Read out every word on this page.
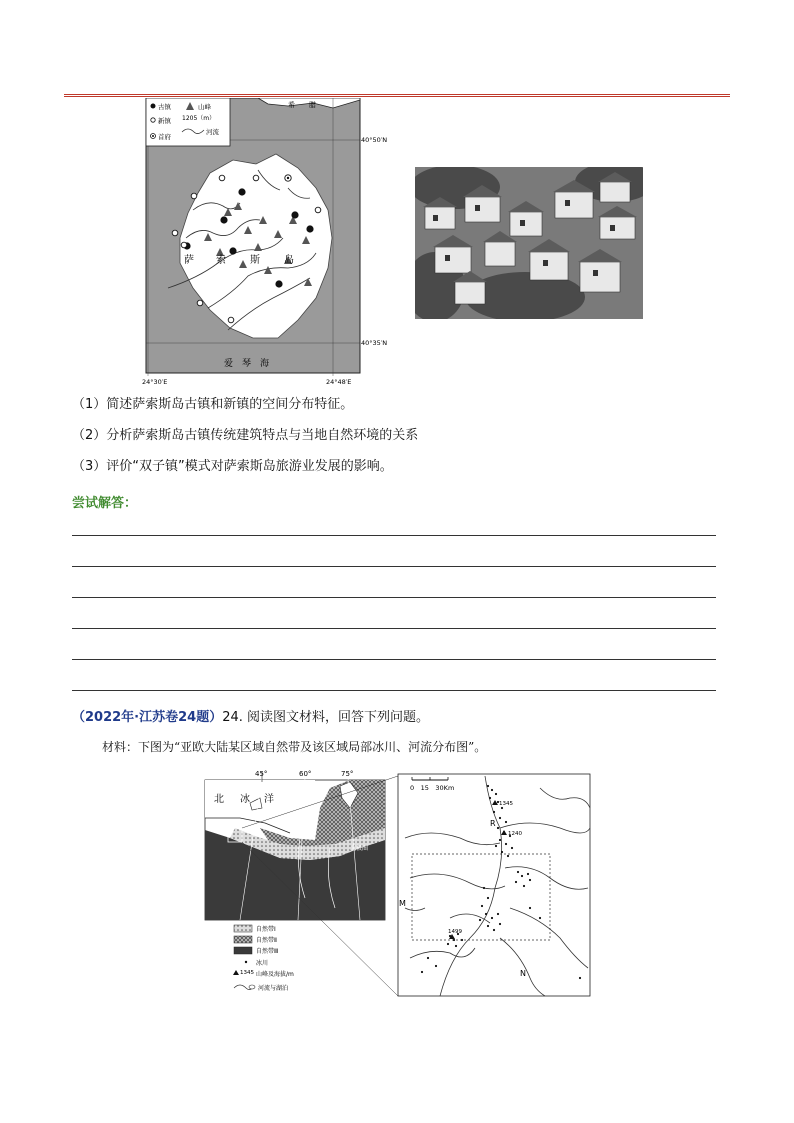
希　　腊
萨 索 斯 岛
爱　琴　海
40°50′N
40°35′N
24°30′E	24°48′E
古镇
新镇
首府
山峰
1205（m）
河流
（1）简述萨索斯岛古镇和新镇的空间分布特征。
（2）分析萨索斯岛古镇传统建筑特点与当地自然环境的关系
（3）评价“双子镇”模式对萨索斯岛旅游业发展的影响。
尝试解答：
（2022年·江苏卷24题）24. 阅读图文材料，回答下列问题。
材料：下图为“亚欧大陆某区域自然带及该区域局部冰川、河流分布图”。
45°	60°	75°
北 冰 洋
北极圈
自然带Ⅰ
自然带Ⅱ
自然带Ⅲ
冰川
1345 山峰及海拔/m
河流与湖泊
0　15　30Km
1345
1240
1499
R
M
N
